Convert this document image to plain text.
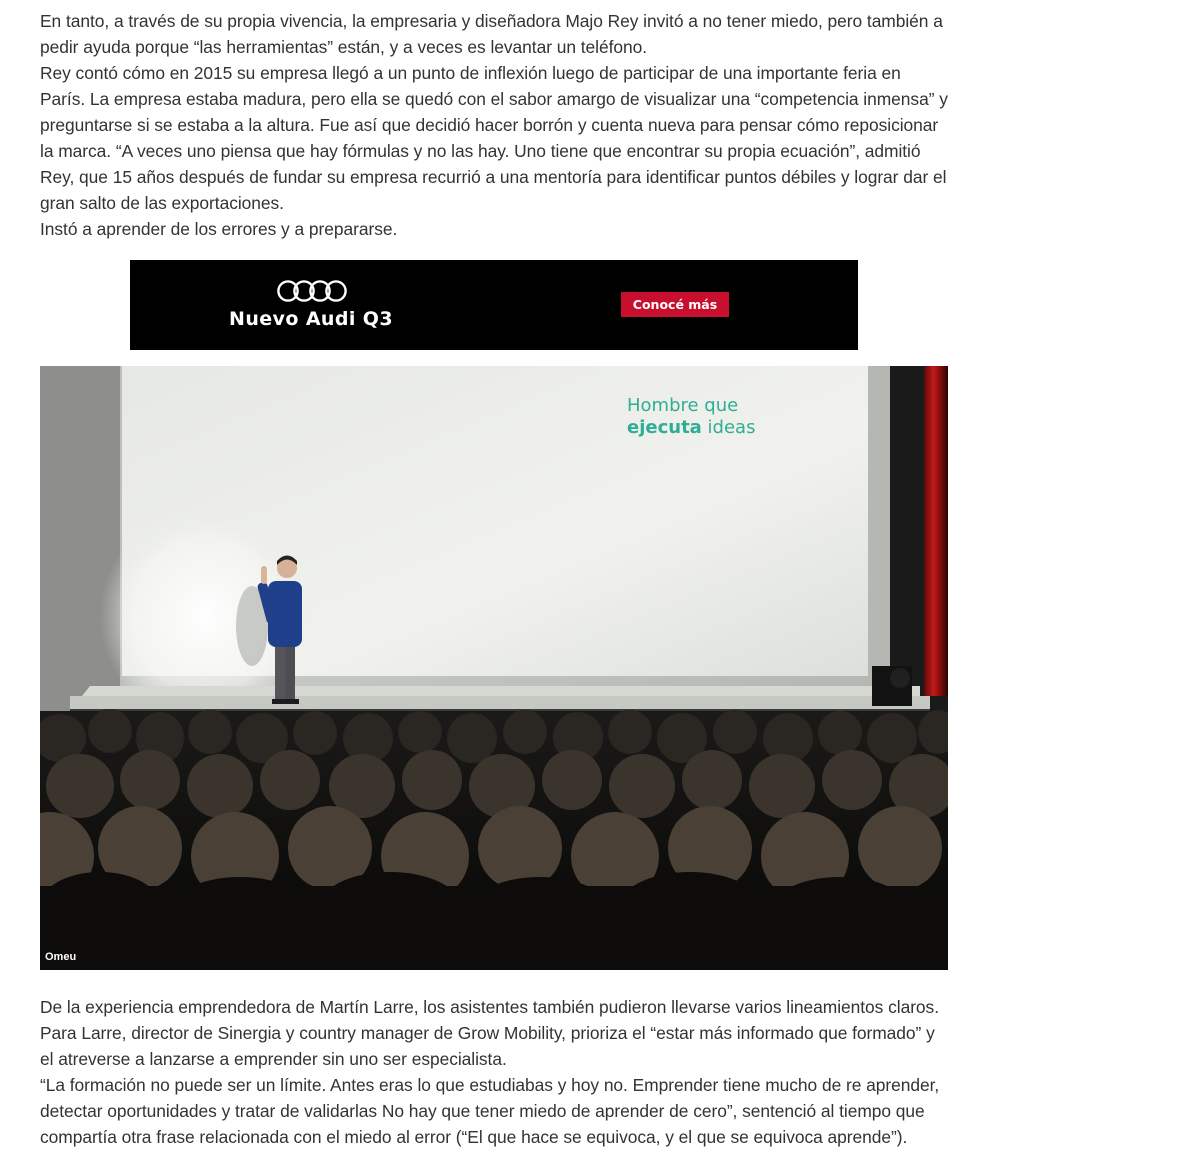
En tanto, a través de su propia vivencia, la empresaria y diseñadora Majo Rey invitó a no tener miedo, pero también a pedir ayuda porque “las herramientas” están, y a veces es levantar un teléfono.

Rey contó cómo en 2015 su empresa llegó a un punto de inflexión luego de participar de una importante feria en París. La empresa estaba madura, pero ella se quedó con el sabor amargo de visualizar una “competencia inmensa” y preguntarse si se estaba a la altura. Fue así que decidió hacer borrón y cuenta nueva para pensar cómo reposicionar la marca. “A veces uno piensa que hay fórmulas y no las hay. Uno tiene que encontrar su propia ecuación”, admitió Rey, que 15 años después de fundar su empresa recurrió a una mentoría para identificar puntos débiles y lograr dar el gran salto de las exportaciones.

Instó a aprender de los errores y a prepararse.

Nuevo Audi Q3
Conocé más
Hombre que
ejecuta ideas
Omeu

De la experiencia emprendedora de Martín Larre, los asistentes también pudieron llevarse varios lineamientos claros. Para Larre, director de Sinergia y country manager de Grow Mobility, prioriza el “estar más informado que formado” y el atreverse a lanzarse a emprender sin uno ser especialista.

“La formación no puede ser un límite. Antes eras lo que estudiabas y hoy no. Emprender tiene mucho de re aprender, detectar oportunidades y tratar de validarlas No hay que tener miedo de aprender de cero”, sentenció al tiempo que compartía otra frase relacionada con el miedo al error (“El que hace se equivoca, y el que se equivoca aprende”).
